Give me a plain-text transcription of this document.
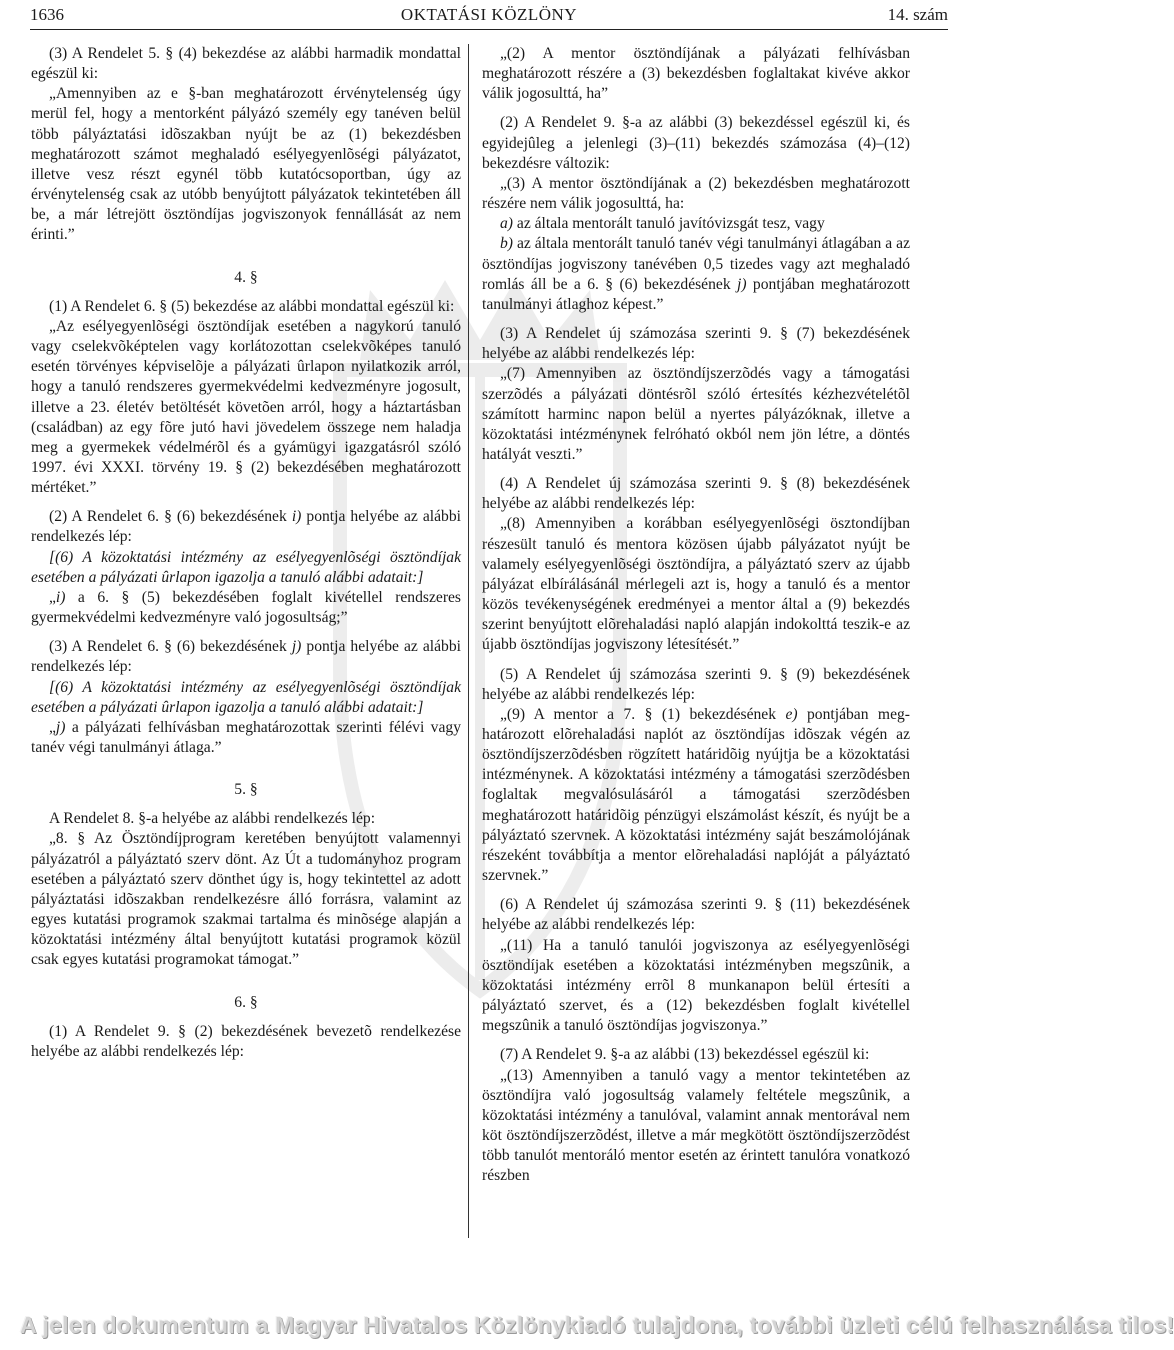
1636	OKTATÁSI KÖZLÖNY	14. szám

(3) A Rendelet 5. § (4) bekezdése az alábbi harmadik mondattal egészül ki:

„Amennyiben az e §-ban meghatározott érvénytelenség úgy merül fel, hogy a mentorként pályázó személy egy tanéven belül több pályáztatási idõszakban nyújt be az (1) bekezdésben meghatározott számot meghaladó esélyegyenlõségi pályázatot, illetve vesz részt egynél több kutatócsoportban, úgy az érvénytelenség csak az utóbb benyújtott pályázatok tekintetében áll be, a már létrejött ösztöndíjas jogviszonyok fennállását az nem érinti.”

4. §

(1) A Rendelet 6. § (5) bekezdése az alábbi mondattal egészül ki:

„Az esélyegyenlõségi ösztöndíjak esetében a nagykorú tanuló vagy cselekvõképtelen vagy korlátozottan cselekvõképes tanuló esetén törvényes képviselõje a pályázati ûrlapon nyilatkozik arról, hogy a tanuló rendszeres gyermekvédelmi kedvezményre jogosult, illetve a 23. életév betöltését követõen arról, hogy a háztartásban (családban) az egy fõre jutó havi jövedelem összege nem haladja meg a gyermekek védelmérõl és a gyámügyi igazgatásról szóló 1997. évi XXXI. törvény 19. § (2) bekezdésében meghatározott mértéket.”

(2) A Rendelet 6. § (6) bekezdésének i) pontja helyébe az alábbi rendelkezés lép:

[(6) A közoktatási intézmény az esélyegyenlõségi ösztöndíjak esetében a pályázati ûrlapon igazolja a tanuló alábbi adatait:]

„i) a 6. § (5) bekezdésében foglalt kivétellel rendszeres gyermekvédelmi kedvezményre való jogosultság;”

(3) A Rendelet 6. § (6) bekezdésének j) pontja helyébe az alábbi rendelkezés lép:

[(6) A közoktatási intézmény az esélyegyenlõségi ösztöndíjak esetében a pályázati ûrlapon igazolja a tanuló alábbi adatait:]

„j) a pályázati felhívásban meghatározottak szerinti félévi vagy tanév végi tanulmányi átlaga.”

5. §

A Rendelet 8. §-a helyébe az alábbi rendelkezés lép:

„8. § Az Ösztöndíjprogram keretében benyújtott valamennyi pályázatról a pályáztató szerv dönt. Az Út a tudományhoz program esetében a pályáztató szerv dönthet úgy is, hogy tekintettel az adott pályáztatási idõszakban rendelkezésre álló forrásra, valamint az egyes kutatási programok szakmai tartalma és minõsége alapján a közoktatási intézmény által benyújtott kutatási programok közül csak egyes kutatási programokat támogat.”

6. §

(1) A Rendelet 9. § (2) bekezdésének bevezetõ rendelkezése helyébe az alábbi rendelkezés lép:

„(2) A mentor ösztöndíjának a pályázati felhívásban meghatározott részére a (3) bekezdésben foglaltakat kivéve akkor válik jogosulttá, ha”

(2) A Rendelet 9. §-a az alábbi (3) bekezdéssel egészül ki, és egyidejûleg a jelenlegi (3)–(11) bekezdés számozása (4)–(12) bekezdésre változik:

„(3) A mentor ösztöndíjának a (2) bekezdésben meghatározott részére nem válik jogosulttá, ha:

a) az általa mentorált tanuló javítóvizsgát tesz, vagy

b) az általa mentorált tanuló tanév végi tanulmányi átlagában a az ösztöndíjas jogviszony tanévében 0,5 tizedes vagy azt meghaladó romlás áll be a 6. § (6) bekezdésének j) pontjában meghatározott tanulmányi átlaghoz képest.”

(3) A Rendelet új számozása szerinti 9. § (7) bekezdésének helyébe az alábbi rendelkezés lép:

„(7) Amennyiben az ösztöndíjszerzõdés vagy a támogatási szerzõdés a pályázati döntésrõl szóló értesítés kézhezvételétõl számított harminc napon belül a nyertes pályázóknak, illetve a közoktatási intézménynek felróható okból nem jön létre, a döntés hatályát veszti.”

(4) A Rendelet új számozása szerinti 9. § (8) bekezdésének helyébe az alábbi rendelkezés lép:

„(8) Amennyiben a korábban esélyegyenlõségi ösztondíjban részesült tanuló és mentora közösen újabb pályázatot nyújt be valamely esélyegyenlõségi ösztöndíjra, a pályáztató szerv az újabb pályázat elbírálásánál mérlegeli azt is, hogy a tanuló és a mentor közös tevékenységének eredményei a mentor által a (9) bekezdés szerint benyújtott elõrehaladási napló alapján indokolttá teszik-e az újabb ösztöndíjas jogviszony létesítését.”

(5) A Rendelet új számozása szerinti 9. § (9) bekezdésének helyébe az alábbi rendelkezés lép:

„(9) A mentor a 7. § (1) bekezdésének e) pontjában meghatározott elõrehaladási naplót az ösztöndíjas idõszak végén az ösztöndíjszerzõdésben rögzített határidõig nyújtja be a közoktatási intézménynek. A közoktatási intézmény a támogatási szerzõdésben foglaltak megvalósulásáról a támogatási szerzõdésben meghatározott határidõig pénzügyi elszámolást készít, és nyújt be a pályáztató szervnek. A közoktatási intézmény saját beszámolójának részeként továbbítja a mentor elõrehaladási naplóját a pályáztató szervnek.”

(6) A Rendelet új számozása szerinti 9. § (11) bekezdésének helyébe az alábbi rendelkezés lép:

„(11) Ha a tanuló tanulói jogviszonya az esélyegyenlõségi ösztöndíjak esetében a közoktatási intézményben megszûnik, a közoktatási intézmény errõl 8 munkanapon belül értesíti a pályáztató szervet, és a (12) bekezdésben foglalt kivétellel megszûnik a tanuló ösztöndíjas jogviszonya.”

(7) A Rendelet 9. §-a az alábbi (13) bekezdéssel egészül ki:

„(13) Amennyiben a tanuló vagy a mentor tekintetében az ösztöndíjra való jogosultság valamely feltétele megszûnik, a közoktatási intézmény a tanulóval, valamint annak mentorával nem köt ösztöndíjszerzõdést, illetve a már megkötött ösztöndíjszerzõdést több tanulót mentoráló mentor esetén az érintett tanulóra vonatkozó részben

A jelen dokumentum a Magyar Hivatalos Közlönykiadó tulajdona, további üzleti célú felhasználása tilos!
